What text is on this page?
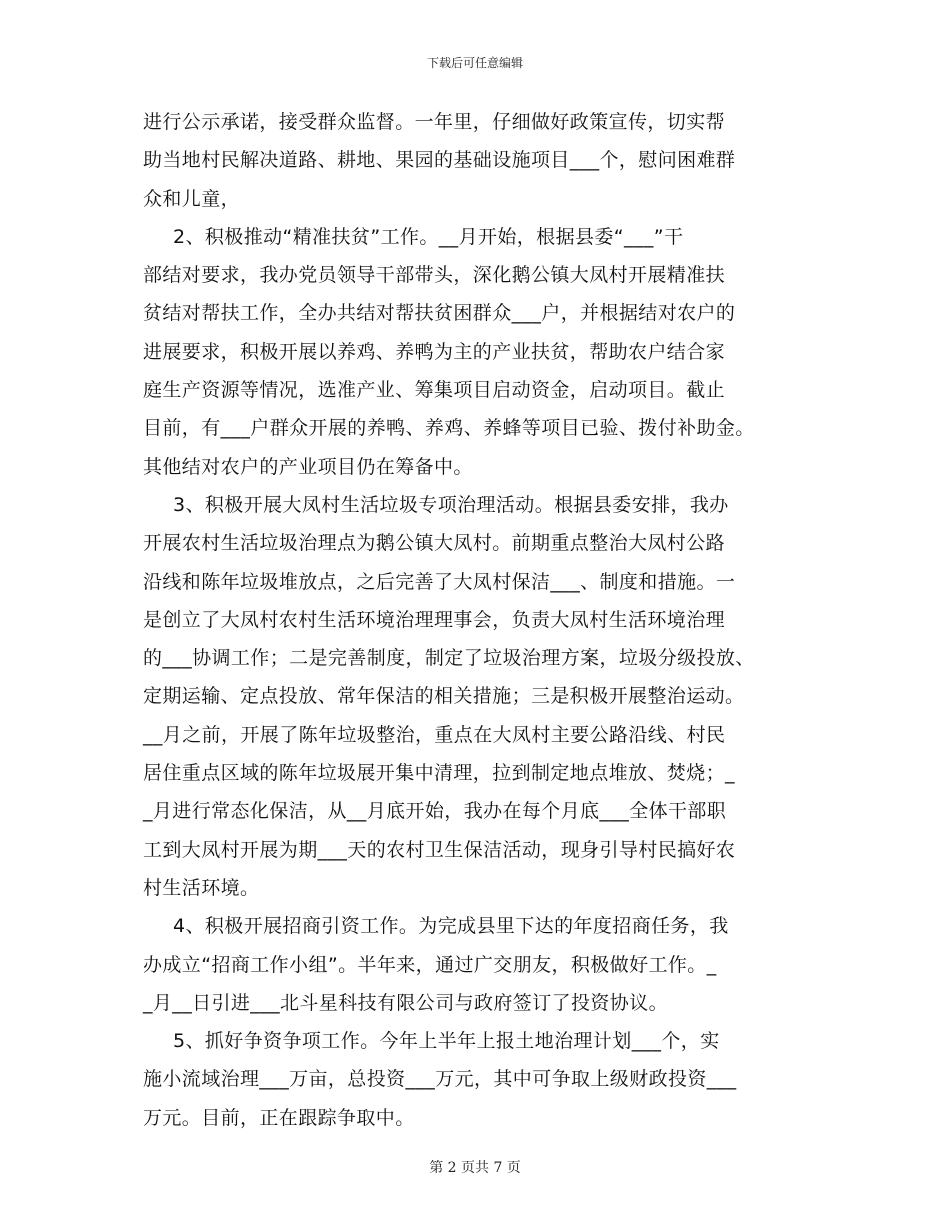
下载后可任意编辑
进行公示承诺，接受群众监督。一年里，仔细做好政策宣传，切实帮
助当地村民解决道路、耕地、果园的基础设施项目___个，慰问困难群
众和儿童，
2、积极推动“精准扶贫”工作。__月开始，根据县委“___”干
部结对要求，我办党员领导干部带头，深化鹅公镇大凤村开展精准扶
贫结对帮扶工作，全办共结对帮扶贫困群众___户，并根据结对农户的
进展要求，积极开展以养鸡、养鸭为主的产业扶贫，帮助农户结合家
庭生产资源等情况，选准产业、筹集项目启动资金，启动项目。截止
目前，有___户群众开展的养鸭、养鸡、养蜂等项目已验、拨付补助金。
其他结对农户的产业项目仍在筹备中。
3、积极开展大凤村生活垃圾专项治理活动。根据县委安排，我办
开展农村生活垃圾治理点为鹅公镇大凤村。前期重点整治大凤村公路
沿线和陈年垃圾堆放点，之后完善了大凤村保洁___、制度和措施。一
是创立了大凤村农村生活环境治理理事会，负责大凤村生活环境治理
的___协调工作；二是完善制度，制定了垃圾治理方案，垃圾分级投放、
定期运输、定点投放、常年保洁的相关措施；三是积极开展整治运动。
__月之前，开展了陈年垃圾整治，重点在大凤村主要公路沿线、村民
居住重点区域的陈年垃圾展开集中清理，拉到制定地点堆放、焚烧；_
_月进行常态化保洁，从__月底开始，我办在每个月底___全体干部职
工到大凤村开展为期___天的农村卫生保洁活动，现身引导村民搞好农
村生活环境。
4、积极开展招商引资工作。为完成县里下达的年度招商任务，我
办成立“招商工作小组”。半年来，通过广交朋友，积极做好工作。_
_月__日引进___北斗星科技有限公司与政府签订了投资协议。
5、抓好争资争项工作。今年上半年上报土地治理计划___个，实
施小流域治理___万亩，总投资___万元，其中可争取上级财政投资___
万元。目前，正在跟踪争取中。
第 2 页共 7 页
